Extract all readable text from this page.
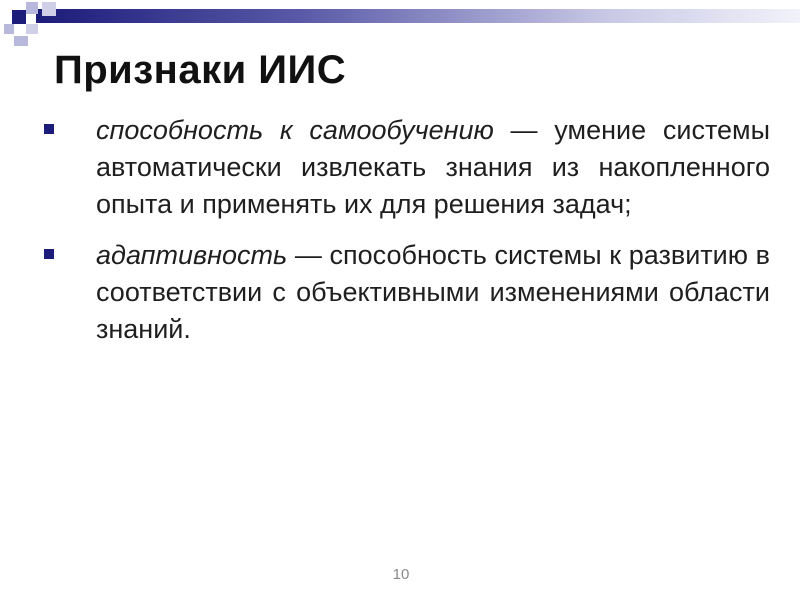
Признаки ИИС
способность к самообучению — умение системы автоматически извлекать знания из накопленного опыта и применять их для решения задач;
адаптивность — способность системы к развитию в соответствии с объективными изменениями области знаний.
10
